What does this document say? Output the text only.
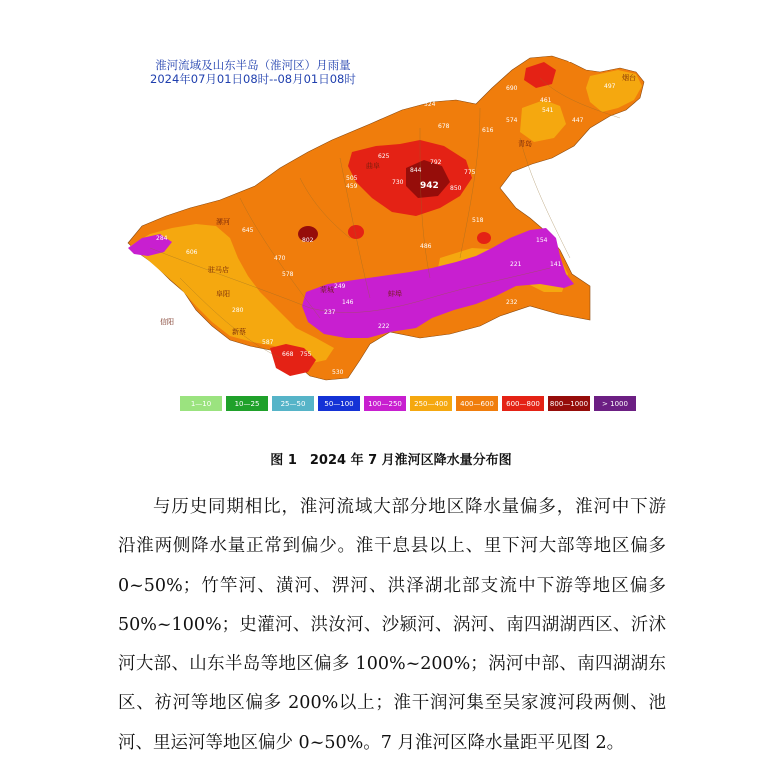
烟台
青岛
曲阜
蚌埠
蒙城
阜阳
信阳
驻马店
漯河
新蔡
942
844
792
850
775
730
678
625
524
574
468
505
447
314
616
690
558
461
497
541
587
668 755
530
249
146
222
237
232
221	141
154
280
284
470
802
486
518
459
645
606
578
淮河流域及山东半岛（淮河区）月雨量
2024年07月01日08时--08月01日08时
1—10	10—25	25—50	50—100	100—250	250—400	400—600	600—800	800—1000	> 1000
图 1　2024 年 7 月淮河区降水量分布图
与历史同期相比，淮河流域大部分地区降水量偏多，淮河中下游
沿淮两侧降水量正常到偏少。淮干息县以上、里下河大部等地区偏多
0~50%；竹竿河、潢河、淠河、洪泽湖北部支流中下游等地区偏多
50%~100%；史灌河、洪汝河、沙颍河、涡河、南四湖湖西区、沂沭
河大部、山东半岛等地区偏多 100%~200%；涡河中部、南四湖湖东
区、祊河等地区偏多 200%以上；淮干润河集至吴家渡河段两侧、池
河、里运河等地区偏少 0~50%。7 月淮河区降水量距平见图 2。
